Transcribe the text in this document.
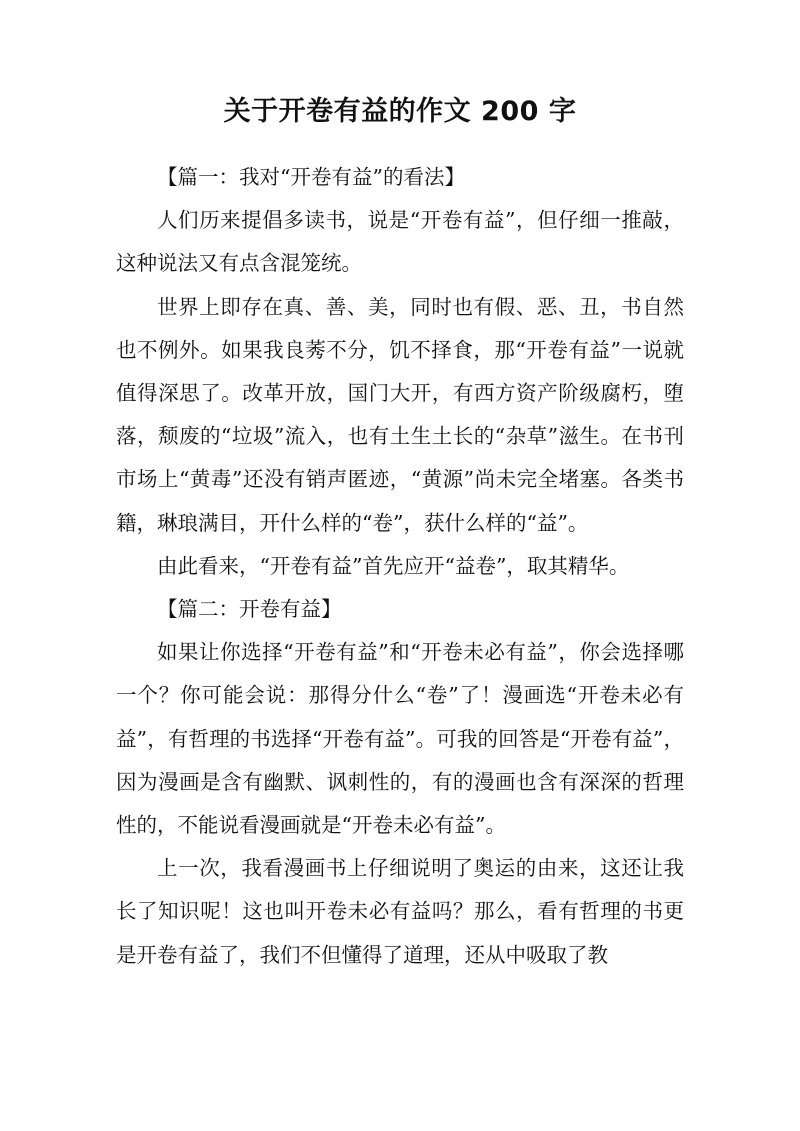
关于开卷有益的作文 200 字

【篇一：我对“开卷有益”的看法】

人们历来提倡多读书，说是“开卷有益”，但仔细一推敲，这种说法又有点含混笼统。

世界上即存在真、善、美，同时也有假、恶、丑，书自然也不例外。如果我良莠不分，饥不择食，那“开卷有益”一说就值得深思了。改革开放，国门大开，有西方资产阶级腐朽，堕落，颓废的“垃圾”流入，也有土生土长的“杂草”滋生。在书刊市场上“黄毒”还没有销声匿迹，“黄源”尚未完全堵塞。各类书籍，琳琅满目，开什么样的“卷”，获什么样的“益”。

由此看来，“开卷有益”首先应开“益卷”，取其精华。

【篇二：开卷有益】

如果让你选择“开卷有益”和“开卷未必有益”，你会选择哪一个？你可能会说：那得分什么“卷”了！漫画选“开卷未必有益”，有哲理的书选择“开卷有益”。可我的回答是“开卷有益”，因为漫画是含有幽默、讽刺性的，有的漫画也含有深深的哲理性的，不能说看漫画就是“开卷未必有益”。

上一次，我看漫画书上仔细说明了奥运的由来，这还让我长了知识呢！这也叫开卷未必有益吗？那么，看有哲理的书更是开卷有益了，我们不但懂得了道理，还从中吸取了教
